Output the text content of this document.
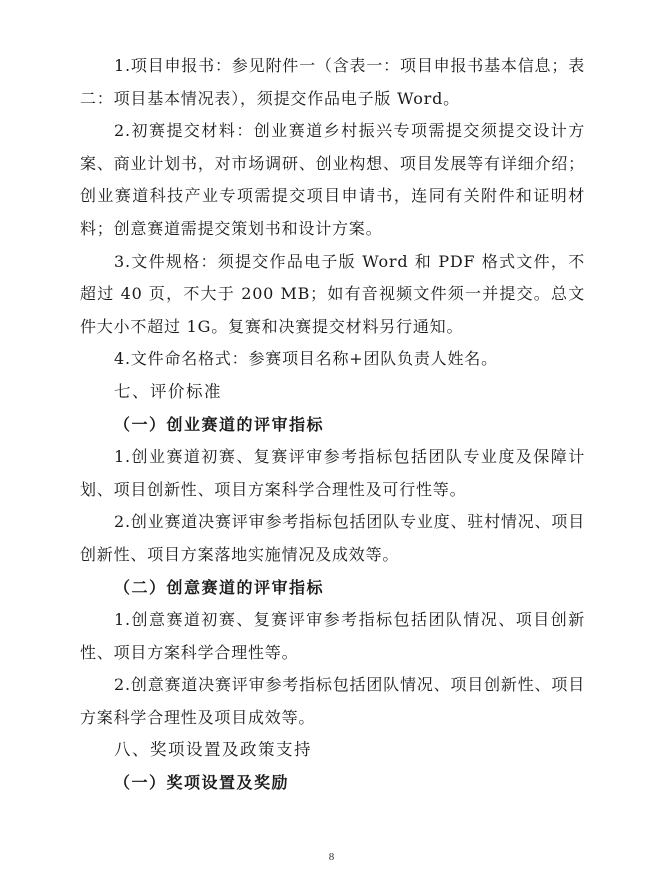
1.项目申报书：参见附件一（含表一：项目申报书基本信息；表二：项目基本情况表），须提交作品电子版 Word。

2.初赛提交材料：创业赛道乡村振兴专项需提交须提交设计方案、商业计划书，对市场调研、创业构想、项目发展等有详细介绍；创业赛道科技产业专项需提交项目申请书，连同有关附件和证明材料；创意赛道需提交策划书和设计方案。

3.文件规格：须提交作品电子版 Word 和 PDF 格式文件，不超过 40 页，不大于 200 MB；如有音视频文件须一并提交。总文件大小不超过 1G。复赛和决赛提交材料另行通知。

4.文件命名格式：参赛项目名称+团队负责人姓名。

七、评价标准

（一）创业赛道的评审指标

1.创业赛道初赛、复赛评审参考指标包括团队专业度及保障计划、项目创新性、项目方案科学合理性及可行性等。

2.创业赛道决赛评审参考指标包括团队专业度、驻村情况、项目创新性、项目方案落地实施情况及成效等。

（二）创意赛道的评审指标

1.创意赛道初赛、复赛评审参考指标包括团队情况、项目创新性、项目方案科学合理性等。

2.创意赛道决赛评审参考指标包括团队情况、项目创新性、项目方案科学合理性及项目成效等。

八、奖项设置及政策支持

（一）奖项设置及奖励

8
